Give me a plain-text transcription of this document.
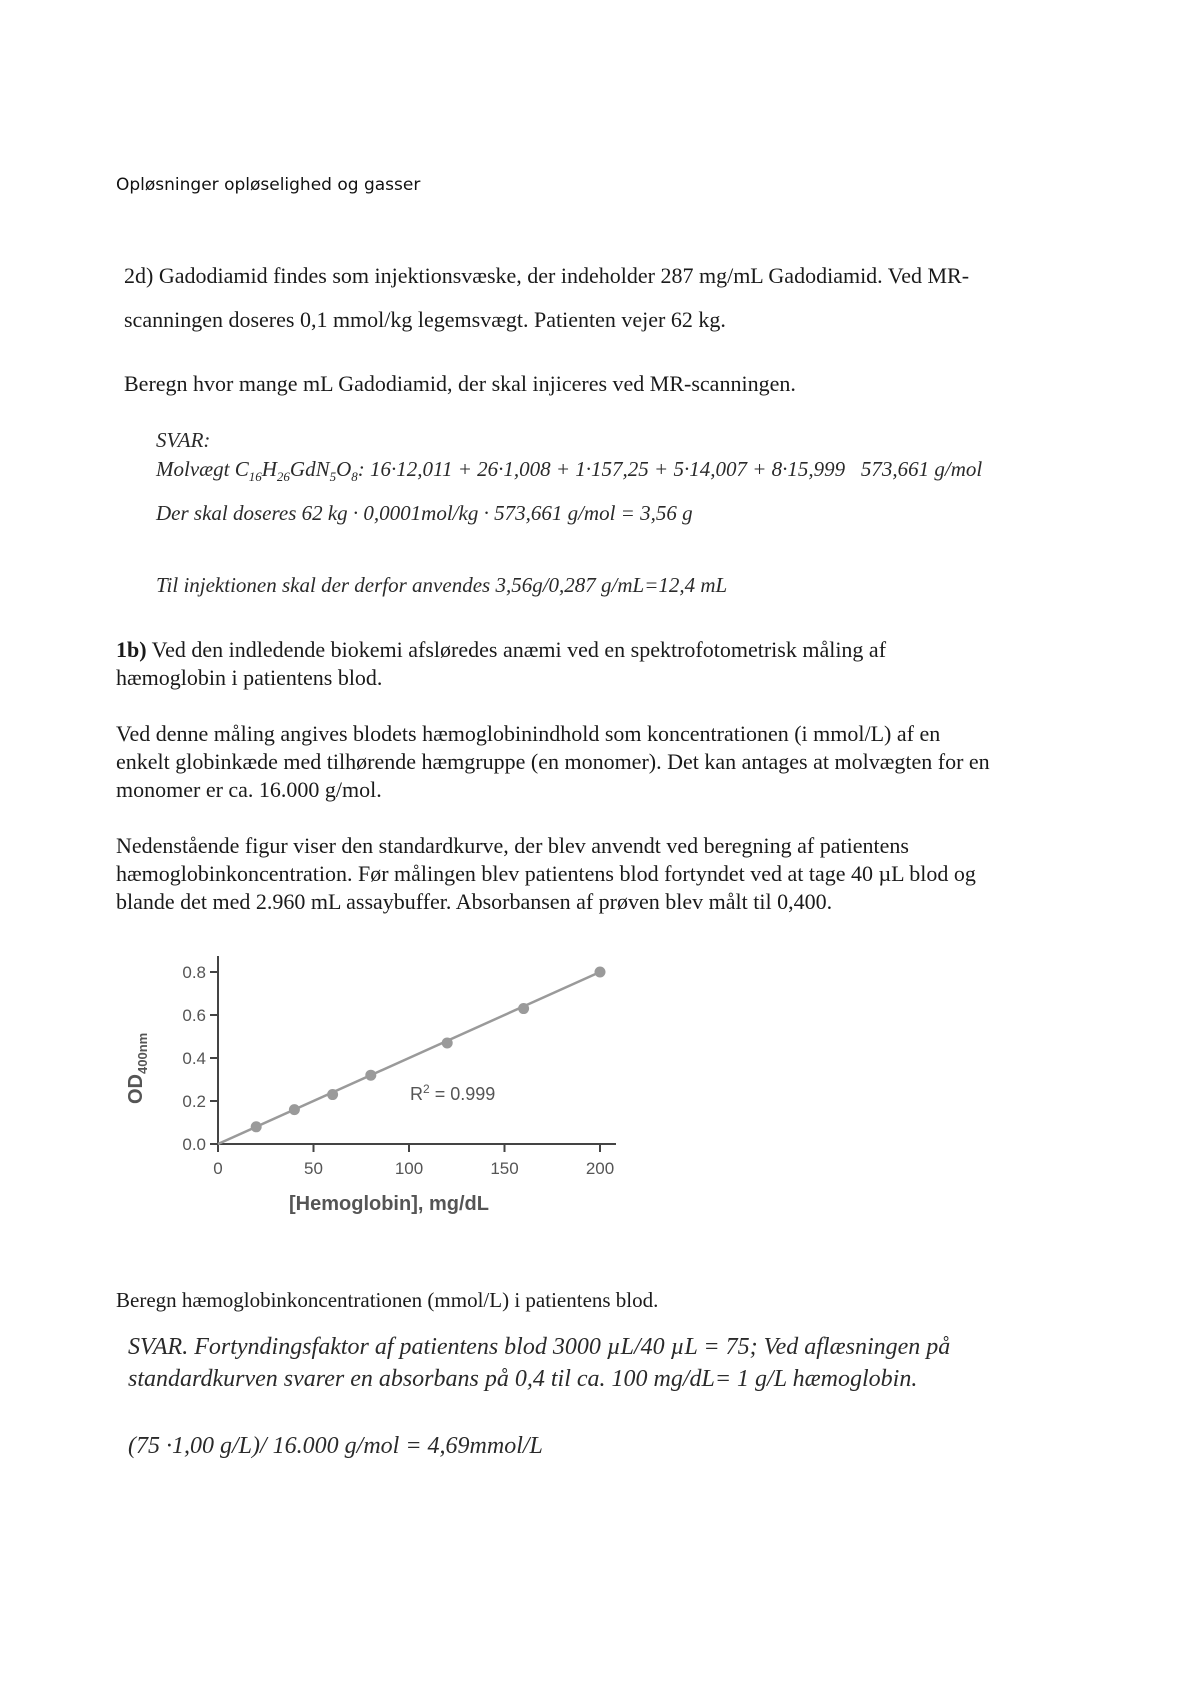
Opløsninger opløselighed og gasser
2d) Gadodiamid findes som injektionsvæske, der indeholder 287 mg/mL Gadodiamid. Ved MR-
scanningen doseres 0,1 mmol/kg legemsvægt. Patienten vejer 62 kg.
Beregn hvor mange mL Gadodiamid, der skal injiceres ved MR-scanningen.
SVAR:
Molvægt $C_{16}H_{26}GdN_5O_8$: 16·12,011 + 26·1,008 + 1·157,25 + 5·14,007 + 8·15,999   573,661 g/mol
Der skal doseres 62 kg · 0,0001mol/kg · 573,661 g/mol = 3,56 g
Til injektionen skal der derfor anvendes 3,56g/0,287 g/mL=12,4 mL
1b) Ved den indledende biokemi afsløredes anæmi ved en spektrofotometrisk måling af
hæmoglobin i patientens blod.
Ved denne måling angives blodets hæmoglobinindhold som koncentrationen (i mmol/L) af en
enkelt globinkæde med tilhørende hæmgruppe (en monomer). Det kan antages at molvægten for en
monomer er ca. 16.000 g/mol.
Nedenstående figur viser den standardkurve, der blev anvendt ved beregning af patientens
hæmoglobinkoncentration. Før målingen blev patientens blod fortyndet ved at tage 40 µL blod og
blande det med 2.960 mL assaybuffer. Absorbansen af prøven blev målt til 0,400.
0.0
0.2
0.4
0.6
0.8
0	50	100	150	200
[Hemoglobin], mg/dL
$OD_{400nm}$
$R^2 = 0.999$
Beregn hæmoglobinkoncentrationen (mmol/L) i patientens blod.
SVAR. Fortyndingsfaktor af patientens blod 3000 µL/40 µL = 75; Ved aflæsningen på
standardkurven svarer en absorbans på 0,4 til ca. 100 mg/dL= 1 g/L hæmoglobin.
(75 ·1,00 g/L)/ 16.000 g/mol = 4,69mmol/L
